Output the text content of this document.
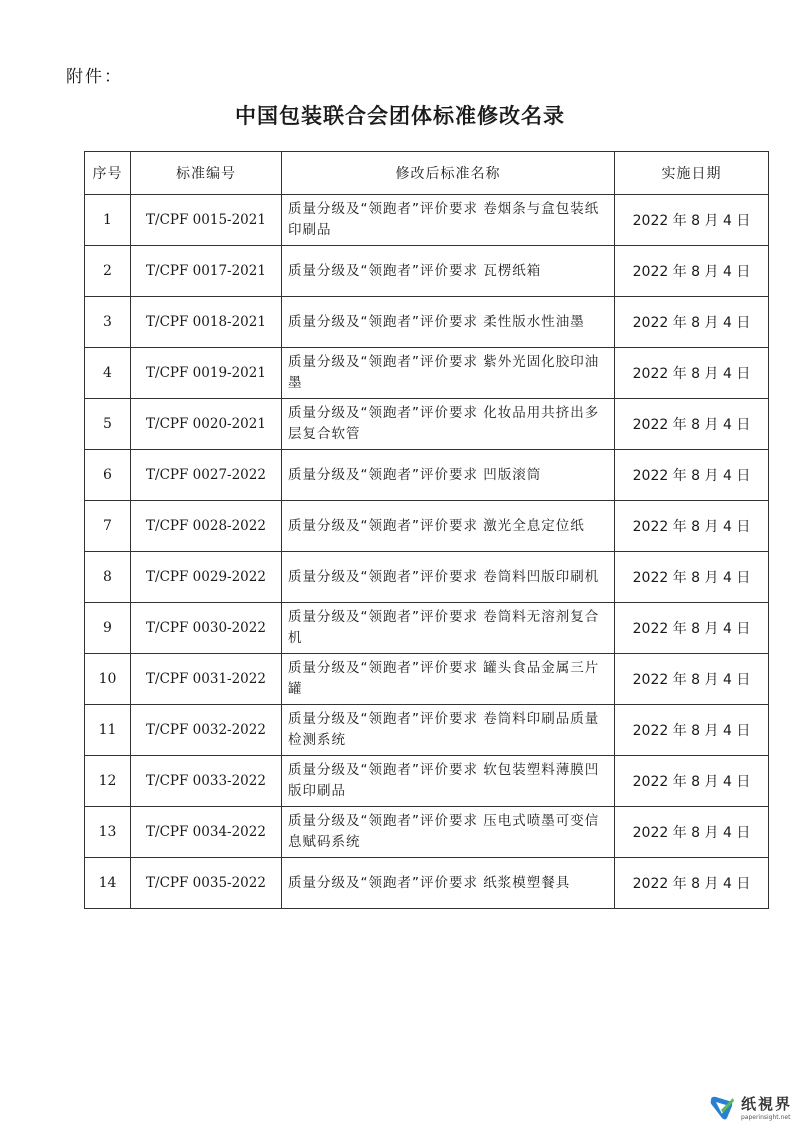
附件：
中国包装联合会团体标准修改名录
序号	标准编号	修改后标准名称	实施日期
1	T/CPF 0015-2021	质量分级及“领跑者”评价要求 卷烟条与盒包装纸印刷品	2022 年 8 月 4 日
2	T/CPF 0017-2021	质量分级及“领跑者”评价要求 瓦楞纸箱	2022 年 8 月 4 日
3	T/CPF 0018-2021	质量分级及“领跑者”评价要求 柔性版水性油墨	2022 年 8 月 4 日
4	T/CPF 0019-2021	质量分级及“领跑者”评价要求 紫外光固化胶印油墨	2022 年 8 月 4 日
5	T/CPF 0020-2021	质量分级及“领跑者”评价要求 化妆品用共挤出多层复合软管	2022 年 8 月 4 日
6	T/CPF 0027-2022	质量分级及“领跑者”评价要求 凹版滚筒	2022 年 8 月 4 日
7	T/CPF 0028-2022	质量分级及“领跑者”评价要求 激光全息定位纸	2022 年 8 月 4 日
8	T/CPF 0029-2022	质量分级及“领跑者”评价要求 卷筒料凹版印刷机	2022 年 8 月 4 日
9	T/CPF 0030-2022	质量分级及“领跑者”评价要求 卷筒料无溶剂复合机	2022 年 8 月 4 日
10	T/CPF 0031-2022	质量分级及“领跑者”评价要求 罐头食品金属三片罐	2022 年 8 月 4 日
11	T/CPF 0032-2022	质量分级及“领跑者”评价要求 卷筒料印刷品质量检测系统	2022 年 8 月 4 日
12	T/CPF 0033-2022	质量分级及“领跑者”评价要求 软包装塑料薄膜凹版印刷品	2022 年 8 月 4 日
13	T/CPF 0034-2022	质量分级及“领跑者”评价要求 压电式喷墨可变信息赋码系统	2022 年 8 月 4 日
14	T/CPF 0035-2022	质量分级及“领跑者”评价要求 纸浆模塑餐具	2022 年 8 月 4 日
纸視界
paperinsight.net
